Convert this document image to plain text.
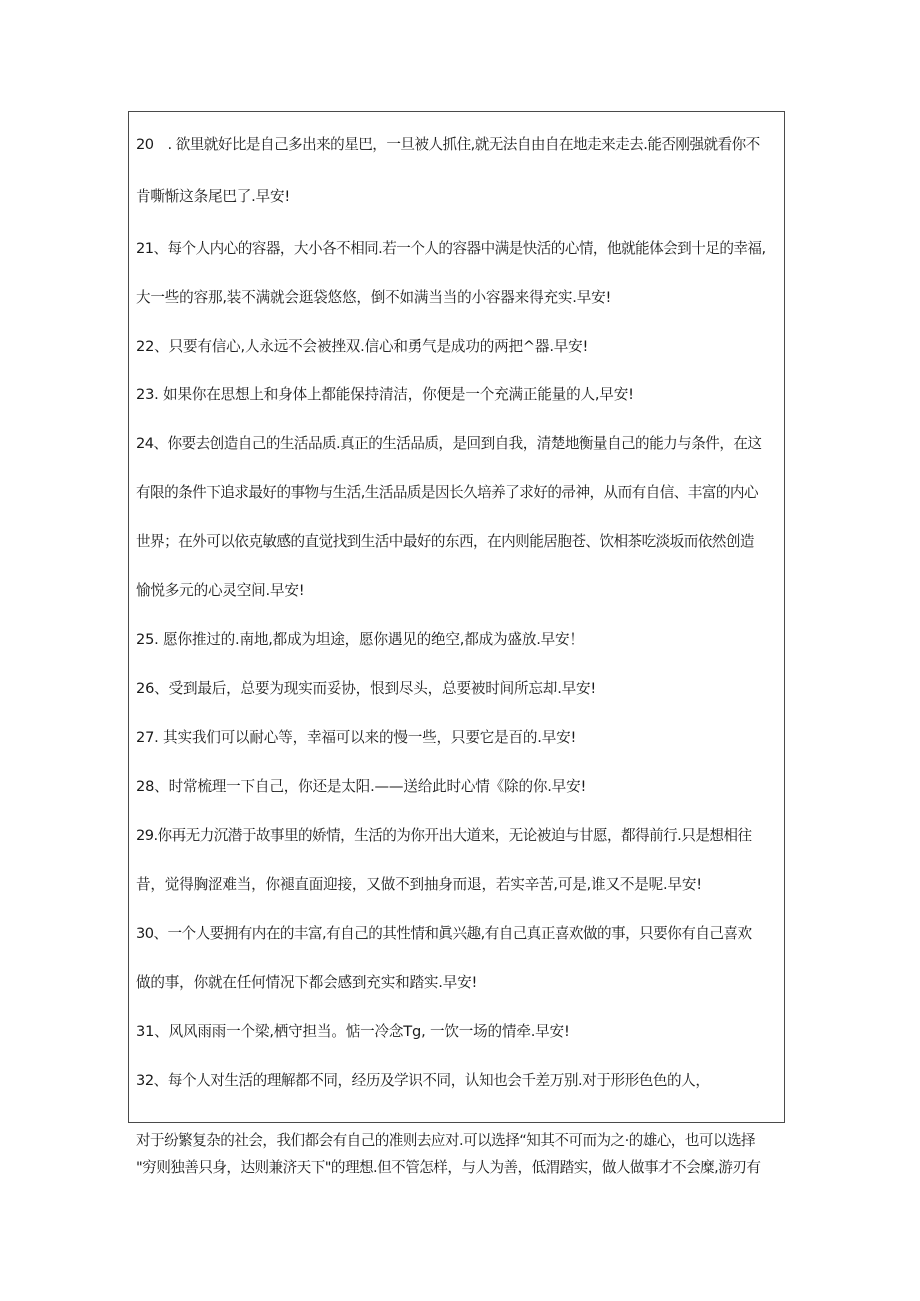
20　. 欲里就好比是自己多出来的星巴，一旦被人抓住,就无法自由自在地走来走去.能否刚强就看你不
肯嘶惭这条尾巴了.早安!
21、每个人内心的容器，大小各不相同.若一个人的容器中满是快活的心情，他就能体会到十足的幸福,
大一些的容那,装不满就会逛袋悠悠，倒不如满当当的小容器来得充实.早安!
22、只要有信心,人永远不会被挫双.信心和勇气是成功的两把^器.早安!
23. 如果你在思想上和身体上都能保持清洁，你便是一个充满正能量的人,早安!
24、你要去创造自己的生活品质.真正的生活品质，是回到自我，清楚地衡量自己的能力与条件，在这
有限的条件下追求最好的事物与生活,生活品质是因长久培养了求好的帚神，从而有自信、丰富的内心
世界；在外可以依克敏感的直觉找到生活中最好的东西，在内则能居胞苍、饮相茶吃淡坂而依然创造
愉悦多元的心灵空间.早安!
25. 愿你推过的.南地,都成为坦途，愿你遇见的绝空,都成为盛放.早安！
26、受到最后，总要为现实而妥协，恨到尽头，总要被时间所忘却.早安!
27. 其实我们可以耐心等，幸福可以来的慢一些，只要它是百的.早安!
28、时常梳理一下自己，你还是太阳.——送给此时心情《除的你.早安!
29.你再无力沉潜于故事里的娇情，生活的为你开出大道来，无论被迫与甘愿，都得前行.只是想相往
昔，觉得胸涩难当，你褪直面迎接，又做不到抽身而退，若实辛苦,可是,谁又不是呢.早安!
30、一个人要拥有内在的丰富,有自己的其性情和眞兴趣,有自己真正喜欢做的事，只要你有自己喜欢
做的事，你就在任何情况下都会感到充实和踏实.早安!
31、风风雨雨一个梁,栖守担当。惦一冷念Tg, 一饮一场的情牵.早安!
32、每个人对生活的理解都不同，经历及学识不同，认知也会千差万别.对于形形色色的人，
对于纷繁复杂的社会，我们都会有自己的准则去应对.可以选择“知其不可而为之·的雄心，也可以选择
"穷则独善只身，达则兼济天下"的理想.但不管怎样，与人为善，低渭踏实，做人做事才不会糜,游刃有
